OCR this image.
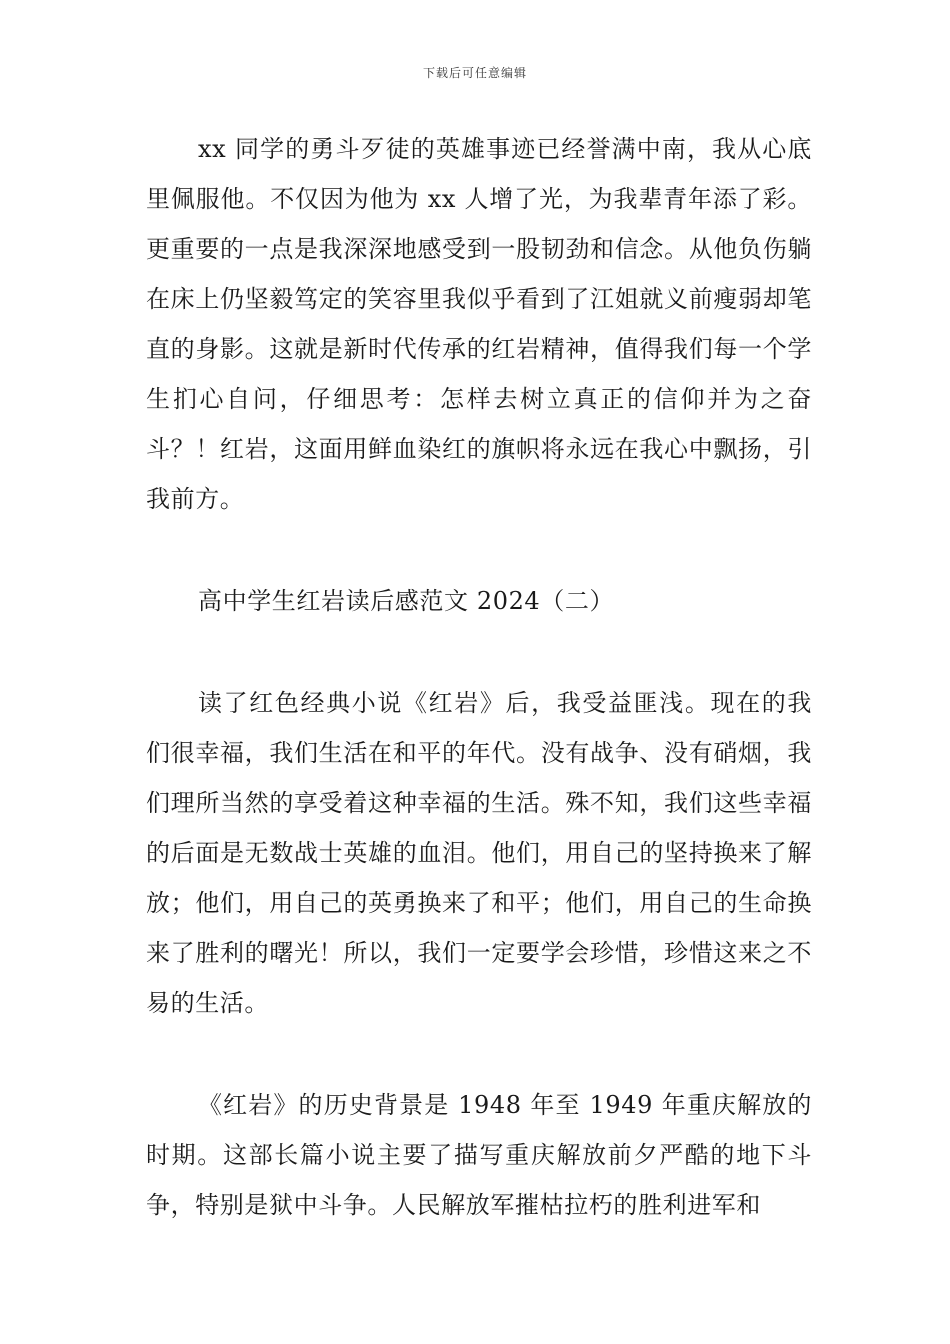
下载后可任意编辑

xx 同学的勇斗歹徒的英雄事迹已经誉满中南，我从心底里佩服他。不仅因为他为 xx 人增了光，为我辈青年添了彩。更重要的一点是我深深地感受到一股韧劲和信念。从他负伤躺在床上仍坚毅笃定的笑容里我似乎看到了江姐就义前瘦弱却笔直的身影。这就是新时代传承的红岩精神，值得我们每一个学生扪心自问，仔细思考：怎样去树立真正的信仰并为之奋斗？！红岩，这面用鲜血染红的旗帜将永远在我心中飘扬，引我前方。

高中学生红岩读后感范文 2024（二）

读了红色经典小说《红岩》后，我受益匪浅。现在的我们很幸福，我们生活在和平的年代。没有战争、没有硝烟，我们理所当然的享受着这种幸福的生活。殊不知，我们这些幸福的后面是无数战士英雄的血泪。他们，用自己的坚持换来了解放；他们，用自己的英勇换来了和平；他们，用自己的生命换来了胜利的曙光！所以，我们一定要学会珍惜，珍惜这来之不易的生活。

《红岩》的历史背景是 1948 年至 1949 年重庆解放的时期。这部长篇小说主要了描写重庆解放前夕严酷的地下斗争，特别是狱中斗争。人民解放军摧枯拉朽的胜利进军和
